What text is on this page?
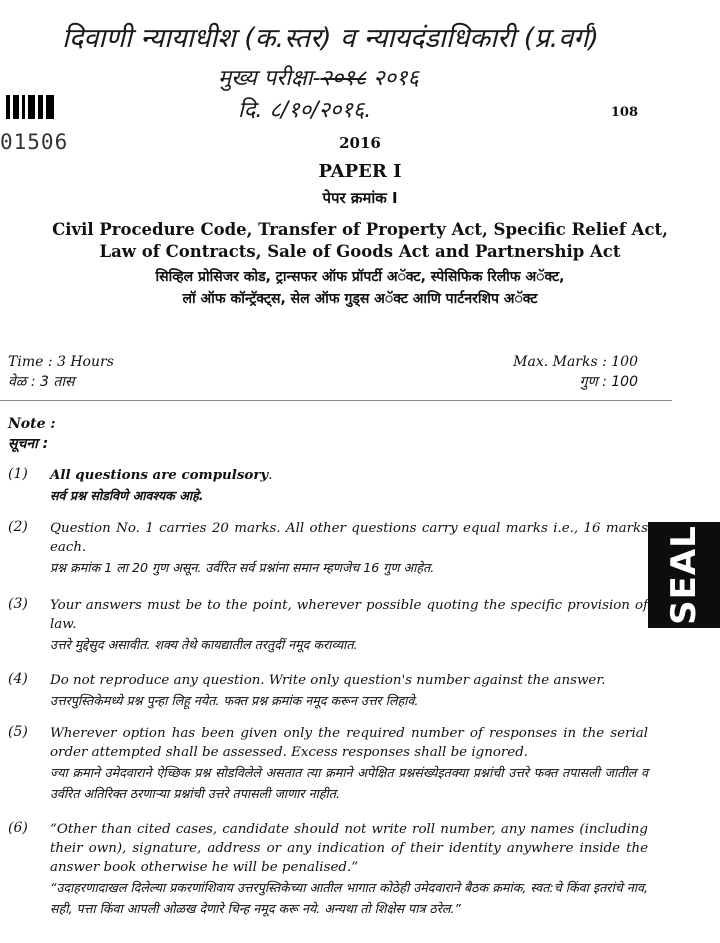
दिवाणी न्यायाधीश (क.स्तर) व न्यायदंडाधिकारी (प्र.वर्ग)
मुख्य परीक्षा-२०१८ २०१६
दि. ८/१०/२०१६.
01506
108
2016
PAPER I
पेपर क्रमांक I
Civil Procedure Code, Transfer of Property Act, Specific Relief Act,
Law of Contracts, Sale of Goods Act and Partnership Act
सिव्हिल प्रोसिजर कोड, ट्रान्सफर ऑफ प्रॉपर्टी अॅक्ट, स्पेसिफिक रिलीफ अॅक्ट,
लॉ ऑफ कॉन्ट्रॅक्ट्स, सेल ऑफ गुड्स अॅक्ट आणि पार्टनरशिप अॅक्ट
Time : 3 Hours
वेळ : 3 तास
Max. Marks : 100
गुण : 100
Note :
सूचना :
(1) All questions are compulsory.
सर्व प्रश्न सोडविणे आवश्यक आहे.
(2) Question No. 1 carries 20 marks. All other questions carry equal marks i.e., 16 marks each.
प्रश्न क्रमांक 1 ला 20 गुण असून. उर्वरित सर्व प्रश्नांना समान म्हणजेच 16 गुण आहेत.
(3) Your answers must be to the point, wherever possible quoting the specific provision of law.
उत्तरे मुद्देसुद असावीत. शक्य तेथे कायद्यातील तरतुदीं नमूद कराव्यात.
(4) Do not reproduce any question. Write only question's number against the answer.
उत्तरपुस्तिकेमध्ये प्रश्न पुन्हा लिहू नयेत. फक्त प्रश्न क्रमांक नमूद करून उत्तर लिहावे.
(5) Wherever option has been given only the required number of responses in the serial order attempted shall be assessed. Excess responses shall be ignored.
ज्या क्रमाने उमेदवाराने ऐच्छिक प्रश्न सोडविलेले असतात त्या क्रमाने अपेक्षित प्रश्नसंख्येइतक्या प्रश्नांची उत्तरे फक्त तपासली जातील व उर्वरित अतिरिक्त ठरणाऱ्या प्रश्नांची उत्तरे तपासली जाणार नाहीत.
(6) “Other than cited cases, candidate should not write roll number, any names (including their own), signature, address or any indication of their identity anywhere inside the answer book otherwise he will be penalised.”
“उदाहरणादाखल दिलेल्या प्रकरणांशिवाय उत्तरपुस्तिकेच्या आतील भागात कोठेही उमेदवाराने बैठक क्रमांक, स्वत:चे किंवा इतरांचे नाव, सही, पत्ता किंवा आपली ओळख देणारे चिन्ह नमूद करू नये. अन्यथा तो शिक्षेस पात्र ठरेल.”
SEAL
